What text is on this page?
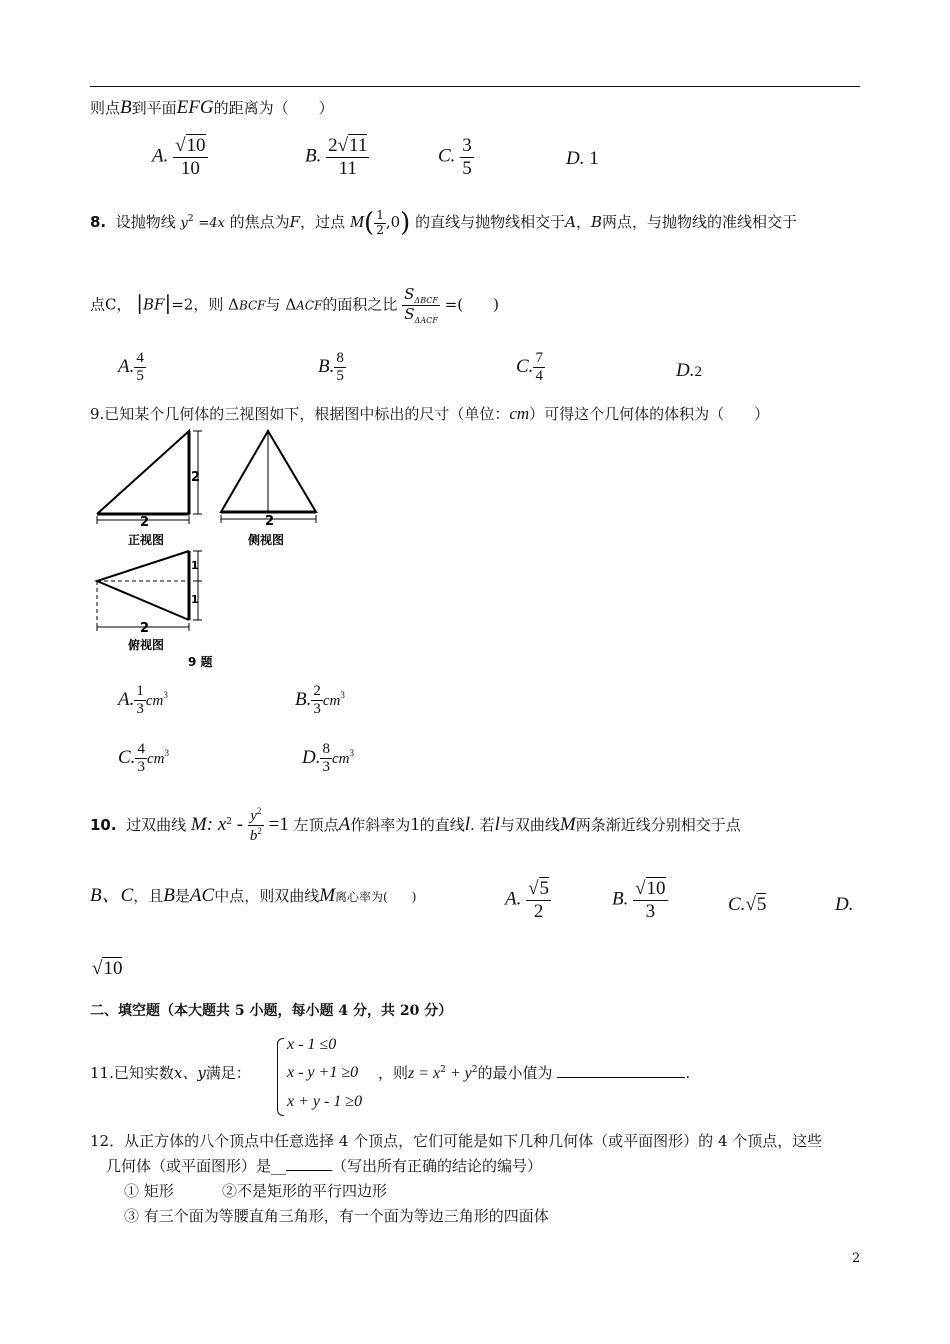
则点B到平面EFG的距离为（　　）
A. $\frac{√10}{10}$	B. $\frac{2√11}{11}$	C. $\frac{3}{5}$	D. 1
8. 设抛物线 $y^2 =4x$ 的焦点为F，过点 $M( \frac{1}{2} ,0)$ 的直线与抛物线相交于A，B两点，与抛物线的准线相交于
点C， |BF|=2，则 ΔBCF与 ΔACF的面积之比 $\frac{S_{\Delta BCF}}{S_{\Delta ACF}}$ =(　　)
A. $\frac{4}{5}$	B. $\frac{8}{5}$	C. $\frac{7}{4}$	D.2
9.已知某个几何体的三视图如下，根据图中标出的尺寸（单位：cm）可得这个几何体的体积为（　　）
2
2	2
1
1
2
正视图	侧视图
俯视图
9 题
A. $\frac{1}{3} cm^3$	B. $\frac{2}{3} cm^3$
C. $\frac{4}{3} cm^3$	D. $\frac{8}{3} cm^3$
10. 过双曲线 M: $x^2 - \frac{y^2}{b^2} =1$ 左顶点A作斜率为1的直线l. 若l与双曲线M两条渐近线分别相交于点
B、C，且B是AC中点，则双曲线M离心率为(　　)	A. $\frac{√5}{2}$	B. $\frac{√10}{3}$	C.√5	D.
√10
二、填空题（本大题共 5 小题，每小题 4 分，共 20 分）
11.已知实数x、y满足：
x - 1 ≤0
x - y +1 ≥0
x + y - 1 ≥0
，则$z = x^2 + y^2$的最小值为	.
12．从正方体的八个顶点中任意选择 4 个顶点，它们可能是如下几种几何体（或平面图形）的 4 个顶点，这些
几何体（或平面图形）是__	（写出所有正确的结论的编号）
① 矩形	②不是矩形的平行四边形
③ 有三个面为等腰直角三角形，有一个面为等边三角形的四面体
2
